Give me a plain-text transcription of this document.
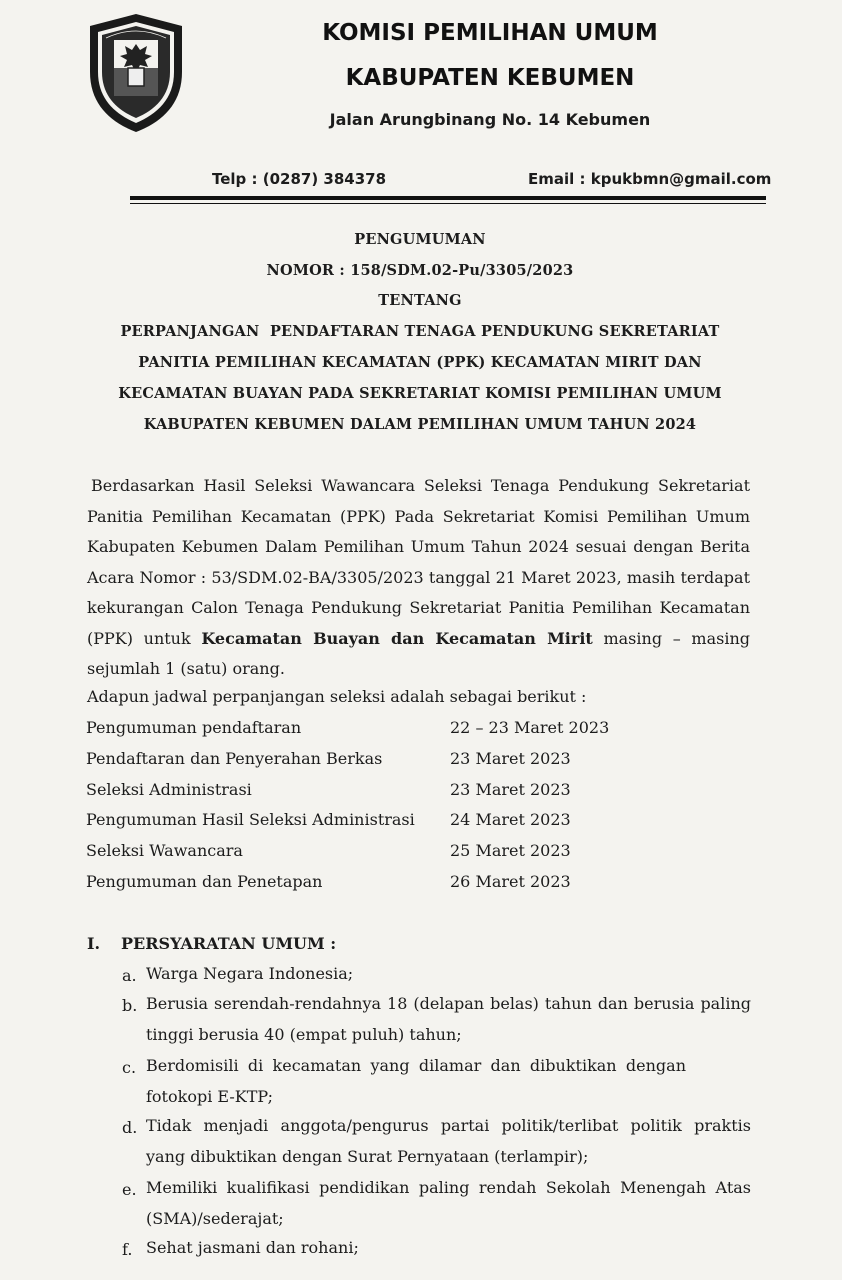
KOMISI PEMILIHAN UMUM
KABUPATEN KEBUMEN
Jalan Arungbinang No. 14 Kebumen
Telp : (0287) 384378	Email : kpukbmn@gmail.com
PENGUMUMAN
NOMOR : 158/SDM.02-Pu/3305/2023
TENTANG
PERPANJANGAN  PENDAFTARAN TENAGA PENDUKUNG SEKRETARIAT
PANITIA PEMILIHAN KECAMATAN (PPK) KECAMATAN MIRIT DAN
KECAMATAN BUAYAN PADA SEKRETARIAT KOMISI PEMILIHAN UMUM
KABUPATEN KEBUMEN DALAM PEMILIHAN UMUM TAHUN 2024
Berdasarkan Hasil Seleksi Wawancara Seleksi Tenaga Pendukung Sekretariat Panitia Pemilihan Kecamatan (PPK) Pada Sekretariat Komisi Pemilihan Umum Kabupaten Kebumen Dalam Pemilihan Umum Tahun 2024 sesuai dengan Berita Acara Nomor : 53/SDM.02-BA/3305/2023 tanggal 21 Maret 2023, masih terdapat kekurangan Calon Tenaga Pendukung Sekretariat Panitia Pemilihan Kecamatan (PPK) untuk Kecamatan Buayan dan Kecamatan Mirit masing – masing sejumlah 1 (satu) orang.
Adapun jadwal perpanjangan seleksi adalah sebagai berikut :
Pengumuman pendaftaran	22 – 23 Maret 2023
Pendaftaran dan Penyerahan Berkas	23 Maret 2023
Seleksi Administrasi	23 Maret 2023
Pengumuman Hasil Seleksi Administrasi 24 Maret 2023
Seleksi Wawancara	25 Maret 2023
Pengumuman dan Penetapan	26 Maret 2023
I. PERSYARATAN UMUM :
a. Warga Negara Indonesia;
b. Berusia serendah-rendahnya 18 (delapan belas) tahun dan berusia paling tinggi berusia 40 (empat puluh) tahun;
c. Berdomisili di kecamatan yang dilamar dan dibuktikan dengan fotokopi E-KTP;
d. Tidak menjadi anggota/pengurus partai politik/terlibat politik praktis yang dibuktikan dengan Surat Pernyataan (terlampir);
e. Memiliki kualifikasi pendidikan paling rendah Sekolah Menengah Atas (SMA)/sederajat;
f. Sehat jasmani dan rohani;
